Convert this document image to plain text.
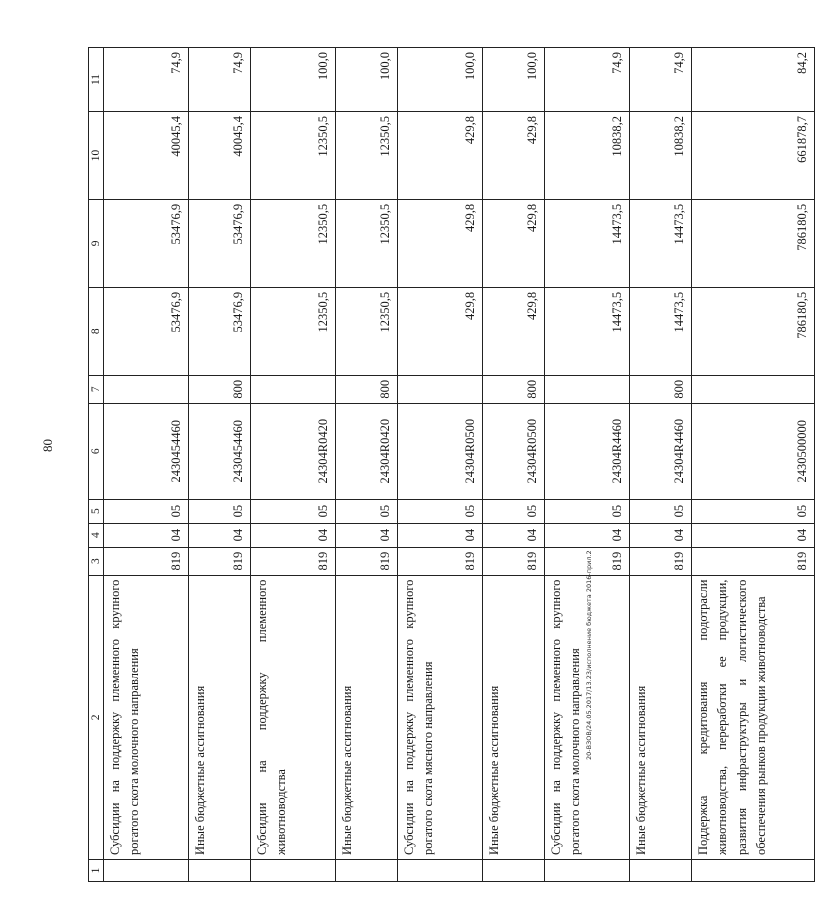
80
1	2	3	4	5	6	7	8	9	10	11
	Субсидии на поддержку племенного крупного рогатого скота молочного направления	819	04	05	2430454460		53476,9	53476,9	40045,4	74,9
	Иные бюджетные ассигнования	819	04	05	2430454460	800	53476,9	53476,9	40045,4	74,9
	Субсидии на поддержку племенного животноводства	819	04	05	24304R0420		12350,5	12350,5	12350,5	100,0
	Иные бюджетные ассигнования	819	04	05	24304R0420	800	12350,5	12350,5	12350,5	100,0
	Субсидии на поддержку племенного крупного рогатого скота мясного направления	819	04	05	24304R0500		429,8	429,8	429,8	100,0
	Иные бюджетные ассигнования	819	04	05	24304R0500	800	429,8	429,8	429,8	100,0
	Субсидии на поддержку племенного крупного рогатого скота молочного направления	819	04	05	24304R4460		14473,5	14473,5	10838,2	74,9
	Иные бюджетные ассигнования	819	04	05	24304R4460	800	14473,5	14473,5	10838,2	74,9
	Поддержка кредитования подотрасли животноводства, переработки ее продукции, развития инфраструктуры и логистического обеспечения рынков продукции животноводства	819	04	05	2430500000		786180,5	786180,5	661878,7	84,2
20-ВЗОВ/24.05.2017/13.23/исполнение бюджета 2016-прил.2
